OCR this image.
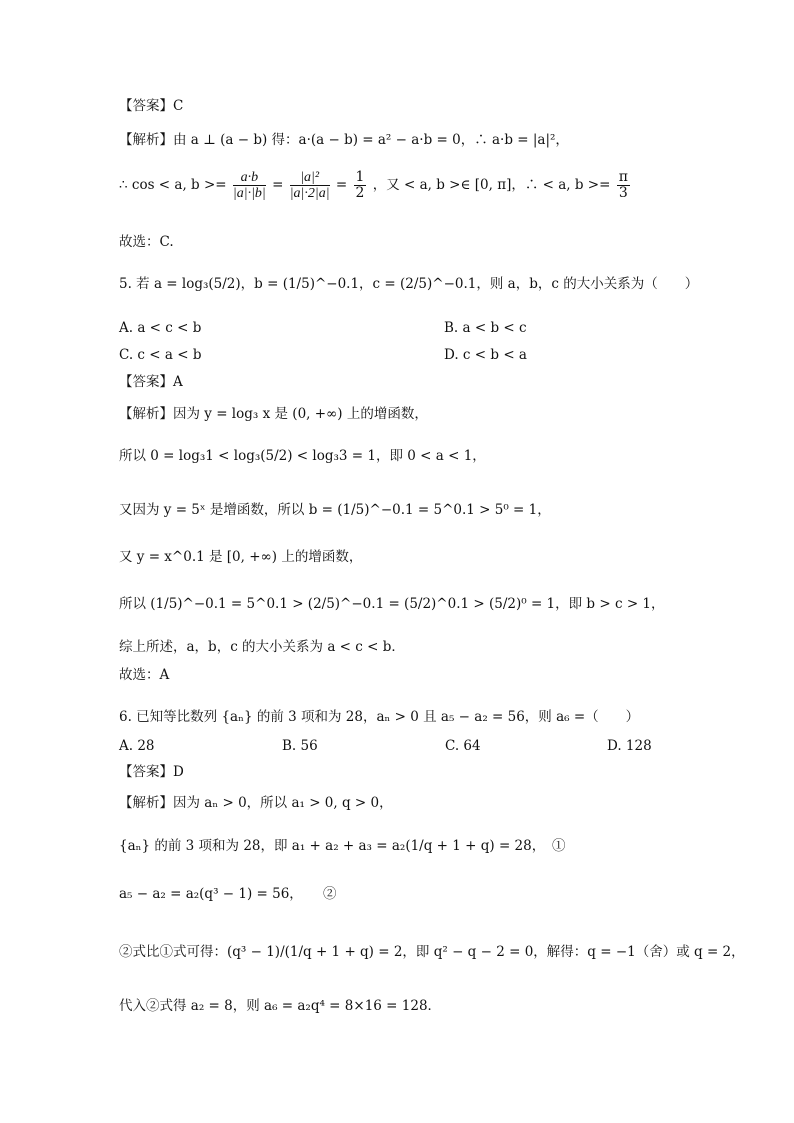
【答案】C
【解析】由 a ⊥ (a − b) 得：a·(a − b) = a² − a·b = 0，∴ a·b = |a|²，
∴ cos < a, $b >= \frac{a\cdot b}{|a|\cdot|b|} = \frac{\text{|a|²}}{|a|\cdot 2|a|} = \frac{1}{2}$ ，又 < a, b >∈ [0, π]，∴ < a, $b >= \frac{\pi}{3}$
故选：C.
5. 若 a = log₃(5/2)，b = (1/5)^−0.1，c = (2/5)^−0.1，则 a，b，c 的大小关系为（　　）
A. a < c < b	B. a < b < c
C. c < a < b	D. c < b < a
【答案】A
【解析】因为 y = log₃ x 是 (0, +∞) 上的增函数，
所以 0 = log₃1 < log₃(5/2) < log₃3 = 1，即 0 < a < 1，
又因为 y = 5ˣ 是增函数，所以 b = (1/5)^−0.1 = 5^0.1 > 5⁰ = 1，
又 y = x^0.1 是 [0, +∞) 上的增函数，
所以 (1/5)^−0.1 = 5^0.1 > (2/5)^−0.1 = (5/2)^0.1 > (5/2)⁰ = 1，即 b > c > 1，
综上所述，a，b，c 的大小关系为 a < c < b．
故选：A
6. 已知等比数列 {aₙ} 的前 3 项和为 28，aₙ > 0 且 a₅ − a₂ = 56，则 a₆ =（　　）
A. 28	B. 56	C. 64	D. 128
【答案】D
【解析】因为 aₙ > 0，所以 a₁ > 0, q > 0，
{aₙ} 的前 3 项和为 28，即 a₁ + a₂ + a₃ = a₂(1/q + 1 + q) = 28，　①
a₅ − a₂ = a₂(q³ − 1) = 56，　　②
②式比①式可得：(q³ − 1)/(1/q + 1 + q) = 2，即 q² − q − 2 = 0，解得：q = −1（舍）或 q = 2，
代入②式得 a₂ = 8，则 a₆ = a₂q⁴ = 8×16 = 128．
